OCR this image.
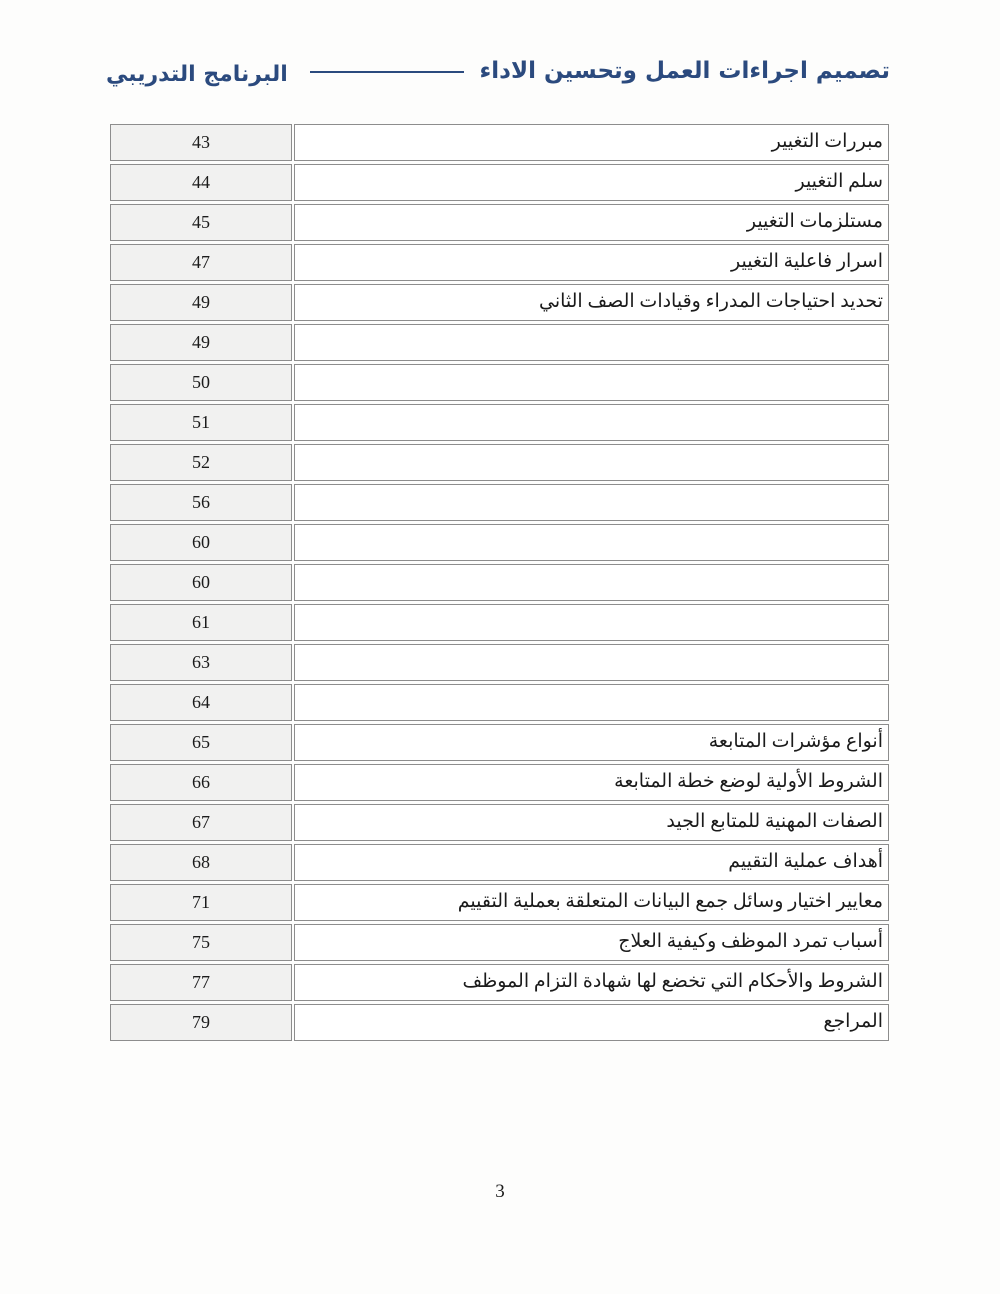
البرنامج التدريبي	تصميم اجراءات العمل وتحسين الاداء
43	مبررات التغيير
44	سلم التغيير
45	مستلزمات التغيير
47	اسرار فاعلية التغيير
49	تحديد احتياجات المدراء وقيادات الصف الثاني
49	
50	
51	
52	
56	
60	
60	
61	
63	
64	
65	أنواع مؤشرات المتابعة
66	الشروط الأولية لوضع خطة المتابعة
67	الصفات المهنية للمتابع الجيد
68	أهداف عملية التقييم
71	معايير اختيار وسائل جمع البيانات المتعلقة بعملية التقييم
75	أسباب تمرد الموظف وكيفية العلاج
77	الشروط والأحكام التي تخضع لها شهادة التزام الموظف
79	المراجع
3
